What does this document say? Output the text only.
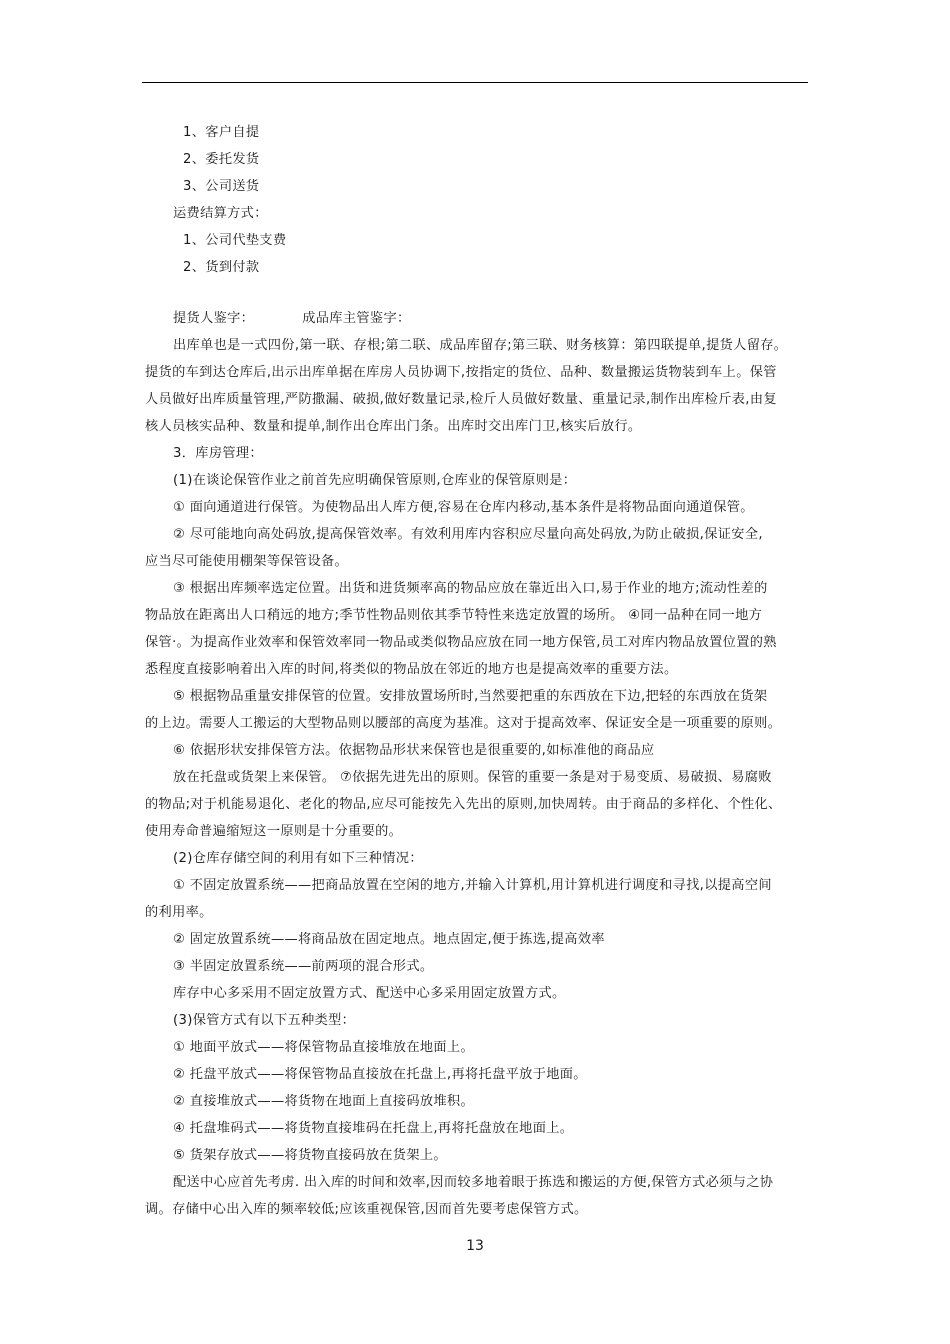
1、客户自提
2、委托发货
3、公司送货
运费结算方式：
1、公司代垫支费
2、货到付款
提货人鉴字：	成品库主管鉴字：
出库单也是一式四份,第一联、存根;第二联、成品库留存;第三联、财务核算：第四联提单,提货人留存。
提货的车到达仓库后,出示出库单据在库房人员协调下,按指定的货位、品种、数量搬运货物装到车上。保管
人员做好出库质量管理,严防撒漏、破损,做好数量记录,检斤人员做好数量、重量记录,制作出库检斤表,由复
核人员核实品种、数量和提单,制作出仓库出门条。出库时交出库门卫,核实后放行。
3．库房管理：
(1)在谈论保管作业之前首先应明确保管原则,仓库业的保管原则是：
① 面向通道进行保管。为使物品出人库方便,容易在仓库内移动,基本条件是将物品面向通道保管。
② 尽可能地向高处码放,提高保管效率。有效利用库内容积应尽量向高处码放,为防止破损,保证安全,
应当尽可能使用棚架等保管设备。
③ 根据出库频率选定位置。出货和进货频率高的物品应放在靠近出入口,易于作业的地方;流动性差的
物品放在距离出人口稍远的地方;季节性物品则依其季节特性来选定放置的场所。 ④同一品种在同一地方
保管·。为提高作业效率和保管效率同一物品或类似物品应放在同一地方保管,员工对库内物品放置位置的熟
悉程度直接影响着出入库的时间,将类似的物品放在邻近的地方也是提高效率的重要方法。
⑤ 根据物品重量安排保管的位置。安排放置场所时,当然要把重的东西放在下边,把轻的东西放在货架
的上边。需要人工搬运的大型物品则以腰部的高度为基准。这对于提高效率、保证安全是一项重要的原则。
⑥ 依据形状安排保管方法。依据物品形状来保管也是很重要的,如标准他的商品应
放在托盘或货架上来保管。 ⑦依据先进先出的原则。保管的重要一条是对于易变质、易破损、易腐败
的物品;对于机能易退化、老化的物品,应尽可能按先入先出的原则,加快周转。由于商品的多样化、个性化、
使用寿命普遍缩短这一原则是十分重要的。
(2)仓库存储空间的利用有如下三种情况：
① 不固定放置系统——把商品放置在空闲的地方,并输入计算机,用计算机进行调度和寻找,以提高空间
的利用率。
② 固定放置系统——将商品放在固定地点。地点固定,便于拣选,提高效率
③ 半固定放置系统——前两项的混合形式。
库存中心多采用不固定放置方式、配送中心多采用固定放置方式。
(3)保管方式有以下五种类型：
① 地面平放式——将保管物品直接堆放在地面上。
② 托盘平放式——将保管物品直接放在托盘上,再将托盘平放于地面。
② 直接堆放式——将货物在地面上直接码放堆积。
④ 托盘堆码式——将货物直接堆码在托盘上,再将托盘放在地面上。
⑤ 货架存放式——将货物直接码放在货架上。
配送中心应首先考虏. 出入库的时间和效率,因而较多地着眼于拣选和搬运的方便,保管方式必须与之协
调。存储中心出入库的频率较低;应该重视保管,因而首先要考虑保管方式。
13
